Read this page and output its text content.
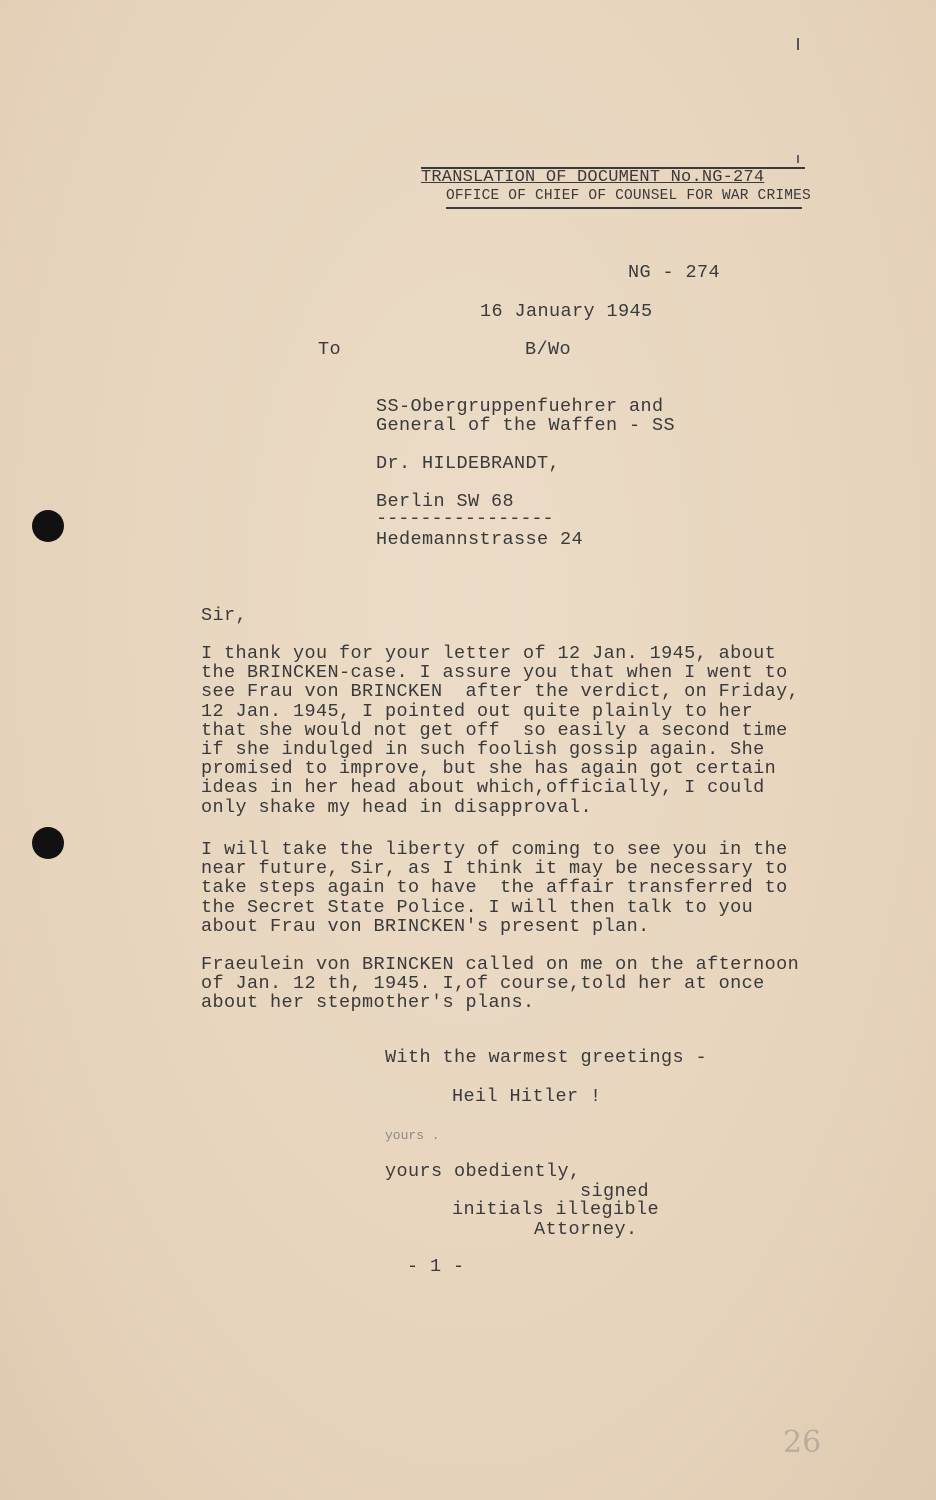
TRANSLATION OF DOCUMENT No.NG-274
OFFICE OF CHIEF OF COUNSEL FOR WAR CRIMES
NG - 274
16 January 1945
To	B/Wo
SS-Obergruppenfuehrer and
General of the Waffen - SS
Dr. HILDEBRANDT,
Berlin SW 68
----------------
Hedemannstrasse 24
Sir,
I thank you for your letter of 12 Jan. 1945, about
the BRINCKEN-case. I assure you that when I went to
see Frau von BRINCKEN  after the verdict, on Friday,
12 Jan. 1945, I pointed out quite plainly to her
that she would not get off  so easily a second time
if she indulged in such foolish gossip again. She
promised to improve, but she has again got certain
ideas in her head about which,officially, I could
only shake my head in disapproval.
I will take the liberty of coming to see you in the
near future, Sir, as I think it may be necessary to
take steps again to have  the affair transferred to
the Secret State Police. I will then talk to you
about Frau von BRINCKEN's present plan.
Fraeulein von BRINCKEN called on me on the afternoon
of Jan. 12 th, 1945. I,of course,told her at once
about her stepmother's plans.
With the warmest greetings -
Heil Hitler !
yours .
yours obediently,
signed
initials illegible
Attorney.
- 1 -
26
